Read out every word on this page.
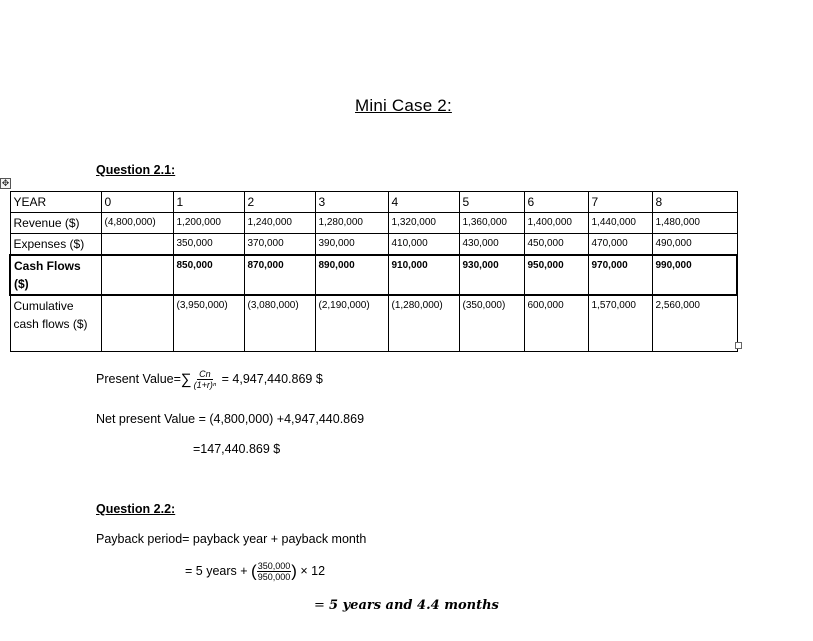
Mini Case 2:
Question 2.1:
✥
YEAR	0	1	2	3	4	5	6	7	8
Revenue ($)	(4,800,000)	1,200,000	1,240,000	1,280,000	1,320,000	1,360,000	1,400,000	1,440,000	1,480,000
Expenses ($)		350,000	370,000	390,000	410,000	430,000	450,000	470,000	490,000
Cash Flows ($)		850,000	870,000	890,000	910,000	930,000	950,000	970,000	990,000
Cumulative cash flows ($)		(3,950,000)	(3,080,000)	(2,190,000)	(1,280,000)	(350,000)	600,000	1,570,000	2,560,000
Present Value=∑ $\frac{Cn}{\text{(1+r)ⁿ}} = 4,947,440.869$ $
Net present Value = (4,800,000) +4,947,440.869
=147,440.869 $
Question 2.2:
Payback period= payback year + payback month
= 5 years + ( $\frac{350,000}{950,000}$ ) × 12
= 5 years and 4.4 months
